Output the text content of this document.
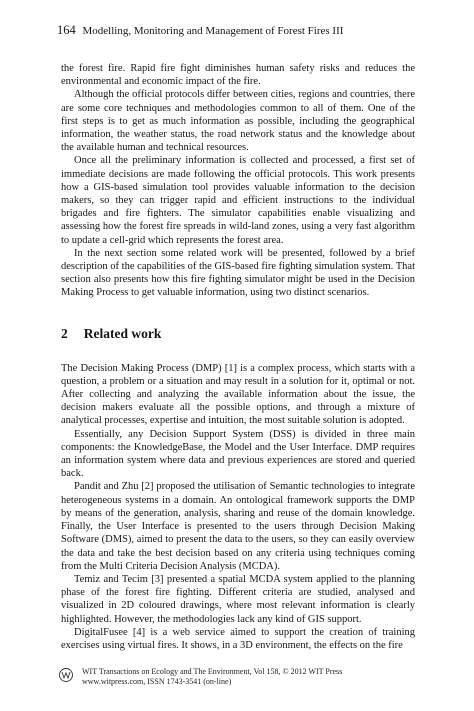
164 Modelling, Monitoring and Management of Forest Fires III

the forest fire. Rapid fire fight diminishes human safety risks and reduces the environmental and economic impact of the fire.

Although the official protocols differ between cities, regions and countries, there are some core techniques and methodologies common to all of them. One of the first steps is to get as much information as possible, including the geographical information, the weather status, the road network status and the knowledge about the available human and technical resources.

Once all the preliminary information is collected and processed, a first set of immediate decisions are made following the official protocols. This work presents how a GIS-based simulation tool provides valuable information to the decision makers, so they can trigger rapid and efficient instructions to the individual brigades and fire fighters. The simulator capabilities enable visualizing and assessing how the forest fire spreads in wild-land zones, using a very fast algorithm to update a cell-grid which represents the forest area.

In the next section some related work will be presented, followed by a brief description of the capabilities of the GIS-based fire fighting simulation system. That section also presents how this fire fighting simulator might be used in the Decision Making Process to get valuable information, using two distinct scenarios.

2 Related work

The Decision Making Process (DMP) [1] is a complex process, which starts with a question, a problem or a situation and may result in a solution for it, optimal or not. After collecting and analyzing the available information about the issue, the decision makers evaluate all the possible options, and through a mixture of analytical processes, expertise and intuition, the most suitable solution is adopted.

Essentially, any Decision Support System (DSS) is divided in three main components: the KnowledgeBase, the Model and the User Interface. DMP requires an information system where data and previous experiences are stored and queried back.

Pandit and Zhu [2] proposed the utilisation of Semantic technologies to integrate heterogeneous systems in a domain. An ontological framework supports the DMP by means of the generation, analysis, sharing and reuse of the domain knowledge. Finally, the User Interface is presented to the users through Decision Making Software (DMS), aimed to present the data to the users, so they can easily overview the data and take the best decision based on any criteria using techniques coming from the Multi Criteria Decision Analysis (MCDA).

Temiz and Tecim [3] presented a spatial MCDA system applied to the planning phase of the forest fire fighting. Different criteria are studied, analysed and visualized in 2D coloured drawings, where most relevant information is clearly highlighted. However, the methodologies lack any kind of GIS support.

DigitalFusee [4] is a web service aimed to support the creation of training exercises using virtual fires. It shows, in a 3D environment, the effects on the fire

WIT Transactions on Ecology and The Environment, Vol 158, © 2012 WIT Press
www.witpress.com, ISSN 1743-3541 (on-line)
